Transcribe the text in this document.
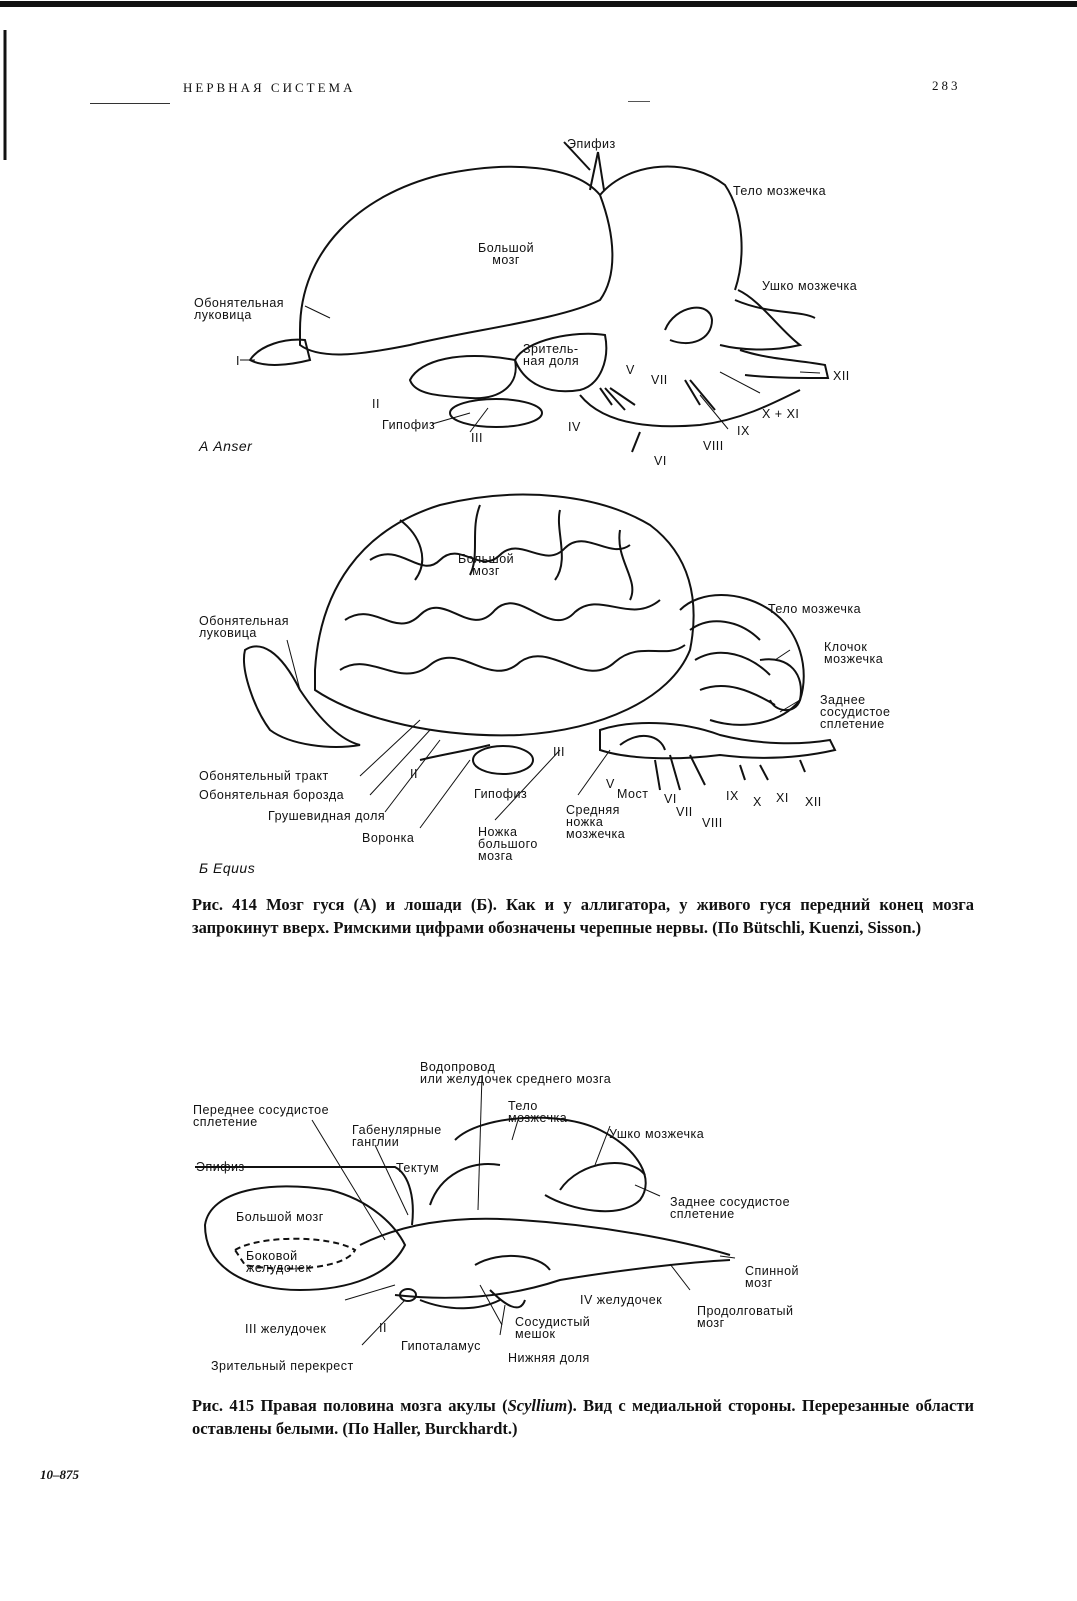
НЕРВНАЯ СИСТЕМА	283
Эпифиз
Тело мозжечка
Большой
мозг
Ушко мозжечка
Обонятельная
луковица
Зритель-
ная доля
I
V
VII	XII
II
X + XI
Гипофиз	IV	IX
III
VIII
VI
А Anser
Большой
мозг
Тело мозжечка
Обонятельная
луковица
Клочок
мозжечка
Заднее
сосудистое
сплетение
III
Обонятельный тракт	II
V
Мост VI	IX X XI XII
Обонятельная борозда	Гипофиз
Средняя
ножка
мозжечка
VII
VIII
Грушевидная доля
Ножка
большого
мозга
Воронка
Б Equus
Рис. 414 Мозг гуся (А) и лошади (Б). Как и у аллигатора, у живого гуся передний конец мозга запрокинут вверх. Римскими цифрами обозначены черепные нервы. (По Bütschli, Kuenzi, Sisson.)
Водопровод
или желудочек среднего мозга
Тело
мозжечка
Переднее сосудистое
сплетение
Ушко мозжечка
Габенулярные
ганглии
Эпифиз	Тектум
Заднее сосудистое
сплетение
Большой мозг
Боковой
желудочек	Спинной
мозг
IV желудочек
Продолговатый
мозг
III желудочек	II	Сосудистый
мешок
Гипоталамус
Нижняя доля
Зрительный перекрест
Рис. 415 Правая половина мозга акулы (Scyllium). Вид с медиальной стороны. Перерезанные области оставлены белыми. (По Haller, Burckhardt.)
10–875
